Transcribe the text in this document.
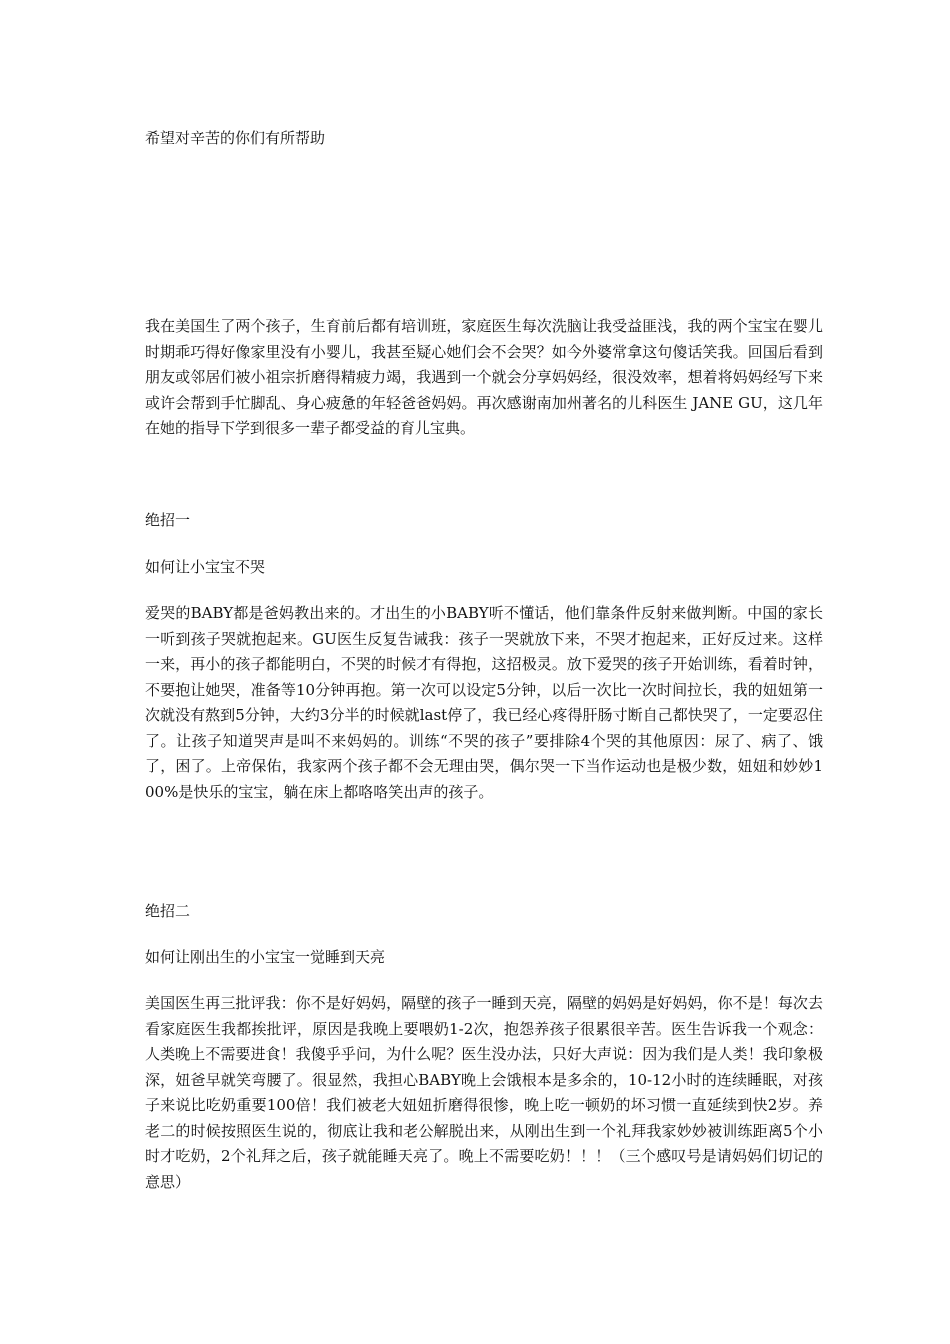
希望对辛苦的你们有所帮助

我在美国生了两个孩子，生育前后都有培训班，家庭医生每次洗脑让我受益匪浅，我的两个宝宝在婴儿时期乖巧得好像家里没有小婴儿，我甚至疑心她们会不会哭？如今外婆常拿这句傻话笑我。回国后看到朋友或邻居们被小祖宗折磨得精疲力竭，我遇到一个就会分享妈妈经，很没效率，想着将妈妈经写下来或许会帮到手忙脚乱、身心疲惫的年轻爸爸妈妈。再次感谢南加州著名的儿科医生 JANE GU，这几年在她的指导下学到很多一辈子都受益的育儿宝典。

绝招一

如何让小宝宝不哭

爱哭的BABY都是爸妈教出来的。才出生的小BABY听不懂话，他们靠条件反射来做判断。中国的家长一听到孩子哭就抱起来。GU医生反复告诫我：孩子一哭就放下来，不哭才抱起来，正好反过来。这样一来，再小的孩子都能明白，不哭的时候才有得抱，这招极灵。放下爱哭的孩子开始训练，看着时钟，不要抱让她哭，准备等10分钟再抱。第一次可以设定5分钟，以后一次比一次时间拉长，我的妞妞第一次就没有熬到5分钟，大约3分半的时候就last停了，我已经心疼得肝肠寸断自己都快哭了，一定要忍住了。让孩子知道哭声是叫不来妈妈的。训练“不哭的孩子”要排除4个哭的其他原因：尿了、病了、饿了，困了。上帝保佑，我家两个孩子都不会无理由哭，偶尔哭一下当作运动也是极少数，妞妞和妙妙100%是快乐的宝宝，躺在床上都咯咯笑出声的孩子。

绝招二

如何让刚出生的小宝宝一觉睡到天亮

美国医生再三批评我：你不是好妈妈，隔壁的孩子一睡到天亮，隔壁的妈妈是好妈妈，你不是！每次去看家庭医生我都挨批评，原因是我晚上要喂奶1-2次，抱怨养孩子很累很辛苦。医生告诉我一个观念：人类晚上不需要进食！我傻乎乎问，为什么呢？医生没办法，只好大声说：因为我们是人类！我印象极深，妞爸早就笑弯腰了。很显然，我担心BABY晚上会饿根本是多余的，10-12小时的连续睡眠，对孩子来说比吃奶重要100倍！我们被老大妞妞折磨得很惨，晚上吃一顿奶的坏习惯一直延续到快2岁。养老二的时候按照医生说的，彻底让我和老公解脱出来，从刚出生到一个礼拜我家妙妙被训练距离5个小时才吃奶，2个礼拜之后，孩子就能睡天亮了。晚上不需要吃奶！！！（三个感叹号是请妈妈们切记的意思）
